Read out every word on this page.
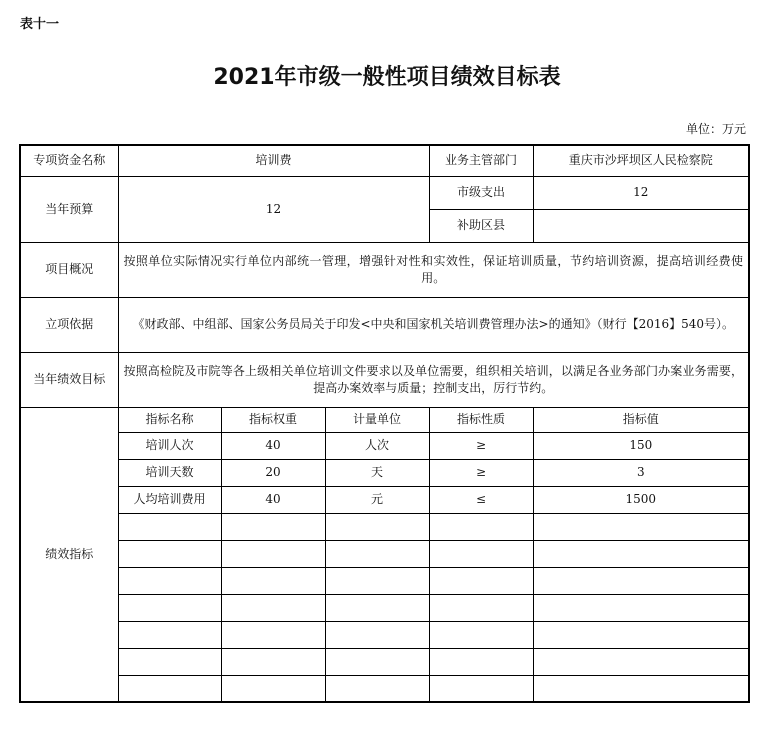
表十一
2021年市级一般性项目绩效目标表
单位：万元
专项资金名称	培训费			业务主管部门	重庆市沙坪坝区人民检察院
当年预算	12			市级支出	12
				补助区县	
项目概况	按照单位实际情况实行单位内部统一管理，增强针对性和实效性，保证培训质量，节约培训资源，提高培训经费使用。				
立项依据	《财政部、中组部、国家公务员局关于印发<中央和国家机关培训费管理办法>的通知》（财行【2016】540号）。				
当年绩效目标	按照高检院及市院等各上级相关单位培训文件要求以及单位需要，组织相关培训，以满足各业务部门办案业务需要，提高办案效率与质量；控制支出，厉行节约。				
绩效指标	指标名称	指标权重	计量单位	指标性质	指标值
	培训人次	40	人次	≥	150
	培训天数	20	天	≥	3
	人均培训费用	40	元	≤	1500
